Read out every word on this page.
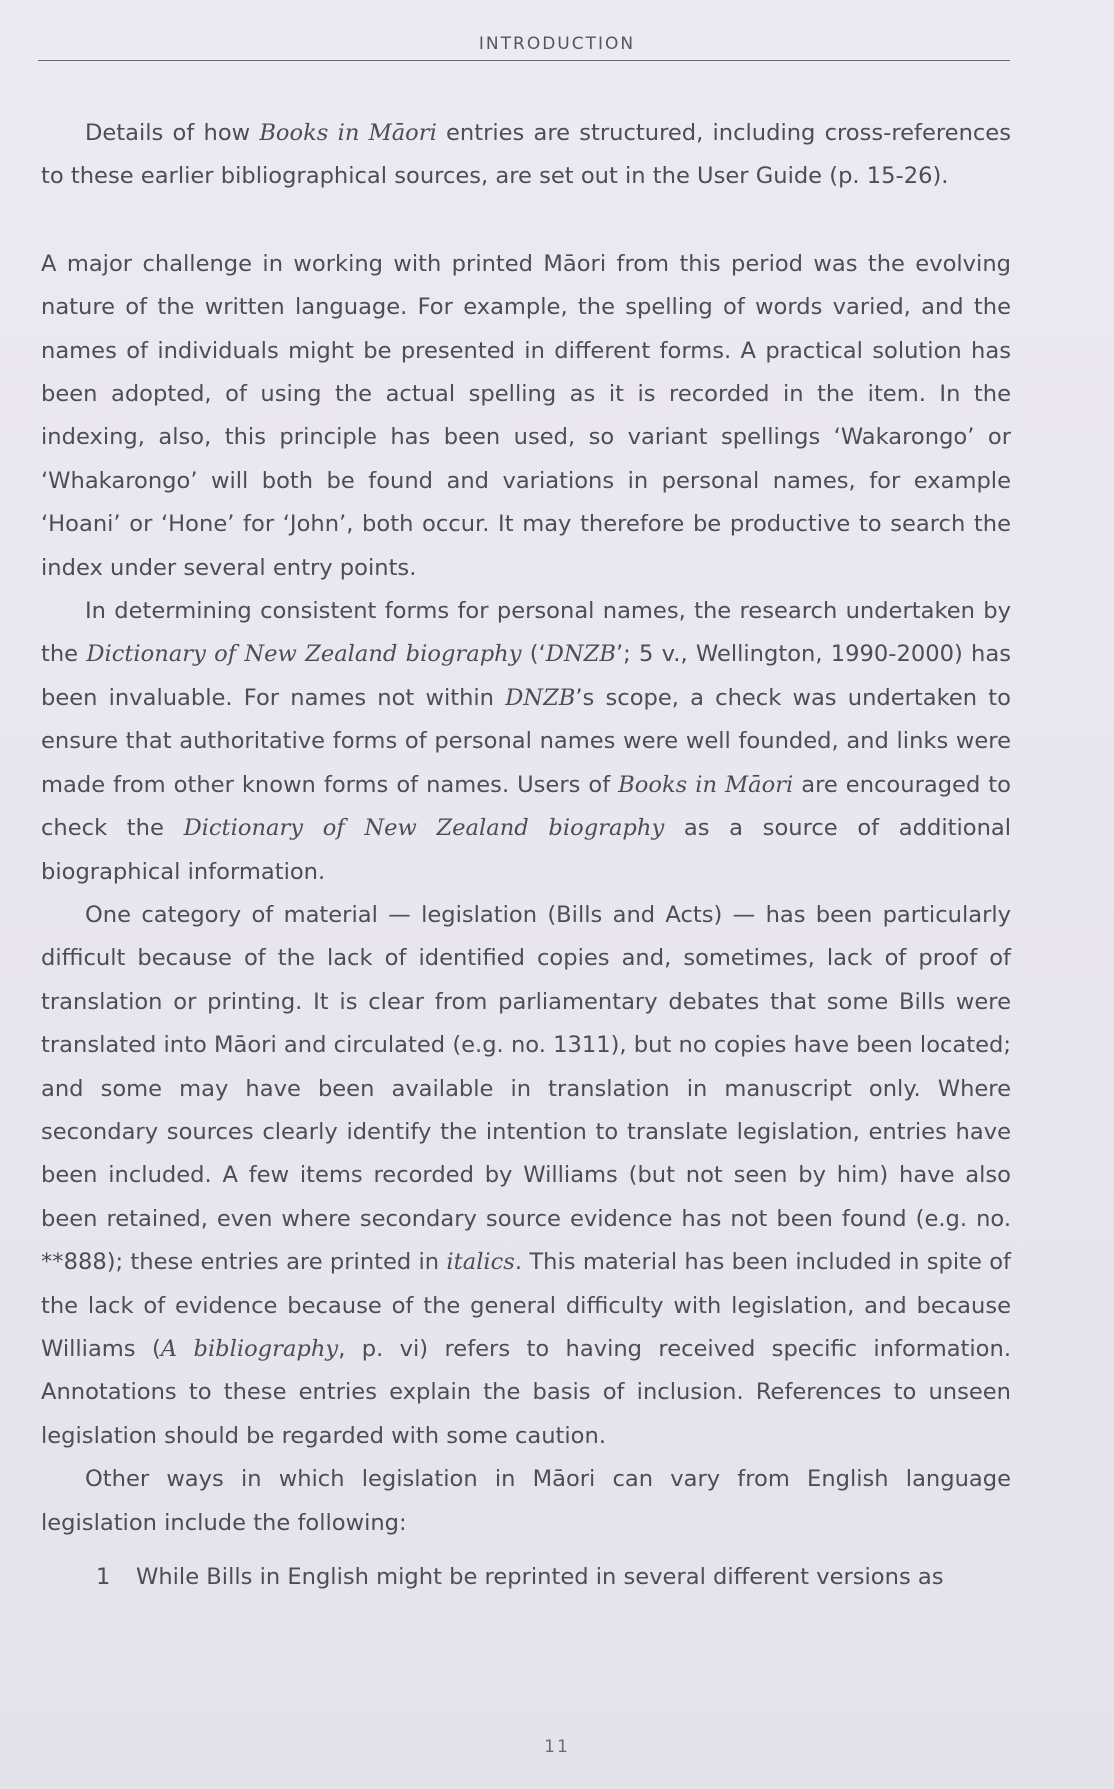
INTRODUCTION

Details of how Books in Māori entries are structured, including cross-references to these earlier bibliographical sources, are set out in the User Guide (p. 15-26).

A major challenge in working with printed Māori from this period was the evolving nature of the written language. For example, the spelling of words varied, and the names of individuals might be presented in different forms. A practical solution has been adopted, of using the actual spelling as it is recorded in the item. In the indexing, also, this principle has been used, so variant spellings ‘Wakarongo’ or ‘Whakarongo’ will both be found and variations in personal names, for example ‘Hoani’ or ‘Hone’ for ‘John’, both occur. It may therefore be productive to search the index under several entry points.

In determining consistent forms for personal names, the research undertaken by the Dictionary of New Zealand biography (‘DNZB’; 5 v., Wellington, 1990-2000) has been invaluable. For names not within DNZB’s scope, a check was undertaken to ensure that authoritative forms of personal names were well founded, and links were made from other known forms of names. Users of Books in Māori are encouraged to check the Dictionary of New Zealand biography as a source of additional biographical information.

One category of material — legislation (Bills and Acts) — has been particularly difficult because of the lack of identified copies and, sometimes, lack of proof of translation or printing. It is clear from parliamentary debates that some Bills were translated into Māori and circulated (e.g. no. 1311), but no copies have been located; and some may have been available in translation in manuscript only. Where secondary sources clearly identify the intention to translate legislation, entries have been included. A few items recorded by Williams (but not seen by him) have also been retained, even where secondary source evidence has not been found (e.g. no. **888); these entries are printed in italics. This material has been included in spite of the lack of evidence because of the general difficulty with legislation, and because Williams (A bibliography, p. vi) refers to having received specific information. Annotations to these entries explain the basis of inclusion. References to unseen legislation should be regarded with some caution.

Other ways in which legislation in Māori can vary from English language legislation include the following:

1 While Bills in English might be reprinted in several different versions as

11
